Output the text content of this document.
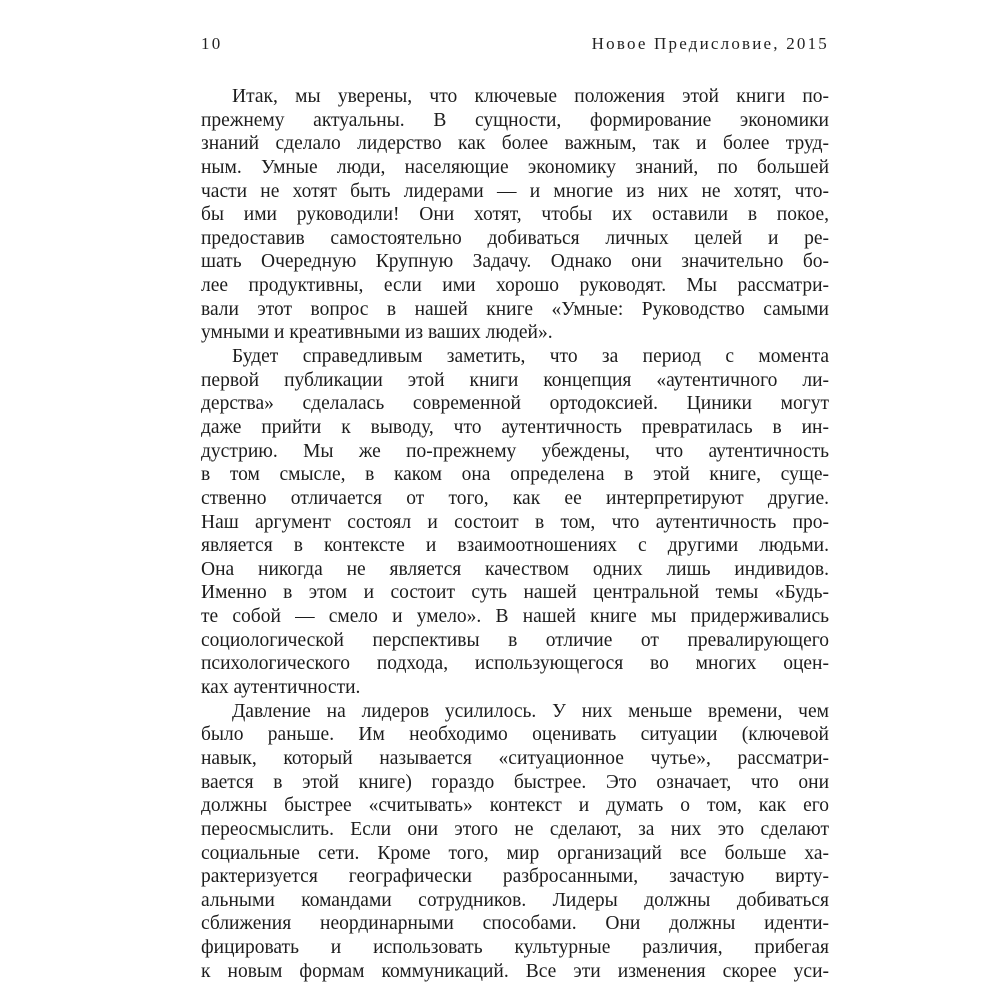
10	Новое Предисловие, 2015
Итак, мы уверены, что ключевые положения этой книги по-
прежнему актуальны. В сущности, формирование экономики
знаний сделало лидерство как более важным, так и более труд-
ным. Умные люди, населяющие экономику знаний, по большей
части не хотят быть лидерами — и многие из них не хотят, что-
бы ими руководили! Они хотят, чтобы их оставили в покое,
предоставив самостоятельно добиваться личных целей и ре-
шать Очередную Крупную Задачу. Однако они значительно бо-
лее продуктивны, если ими хорошо руководят. Мы рассматри-
вали этот вопрос в нашей книге «Умные: Руководство самыми
умными и креативными из ваших людей».
Будет справедливым заметить, что за период с момента
первой публикации этой книги концепция «аутентичного ли-
дерства» сделалась современной ортодоксией. Циники могут
даже прийти к выводу, что аутентичность превратилась в ин-
дустрию. Мы же по-прежнему убеждены, что аутентичность
в том смысле, в каком она определена в этой книге, суще-
ственно отличается от того, как ее интерпретируют другие.
Наш аргумент состоял и состоит в том, что аутентичность про-
является в контексте и взаимоотношениях с другими людьми.
Она никогда не является качеством одних лишь индивидов.
Именно в этом и состоит суть нашей центральной темы «Будь-
те собой — смело и умело». В нашей книге мы придерживались
социологической перспективы в отличие от превалирующего
психологического подхода, использующегося во многих оцен-
ках аутентичности.
Давление на лидеров усилилось. У них меньше времени, чем
было раньше. Им необходимо оценивать ситуации (ключевой
навык, который называется «ситуационное чутье», рассматри-
вается в этой книге) гораздо быстрее. Это означает, что они
должны быстрее «считывать» контекст и думать о том, как его
переосмыслить. Если они этого не сделают, за них это сделают
социальные сети. Кроме того, мир организаций все больше ха-
рактеризуется географически разбросанными, зачастую вирту-
альными командами сотрудников. Лидеры должны добиваться
сближения неординарными способами. Они должны иденти-
фицировать и использовать культурные различия, прибегая
к новым формам коммуникаций. Все эти изменения скорее уси-
